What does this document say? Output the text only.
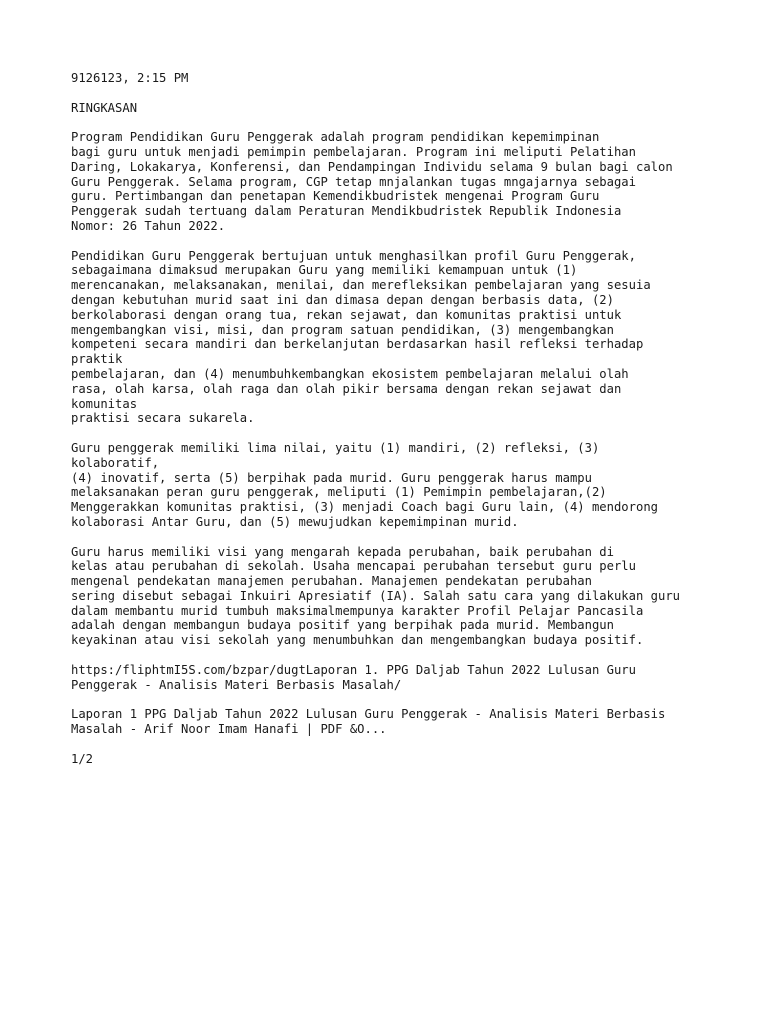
9126123, 2:15 PM
RINGKASAN
Program Pendidikan Guru Penggerak adalah program pendidikan kepemimpinan
bagi guru untuk menjadi pemimpin pembelajaran. Program ini meliputi Pelatihan
Daring, Lokakarya, Konferensi, dan Pendampingan Individu selama 9 bulan bagi calon
Guru Penggerak. Selama program, CGP tetap mnjalankan tugas mngajarnya sebagai
guru. Pertimbangan dan penetapan Kemendikbudristek mengenai Program Guru
Penggerak sudah tertuang dalam Peraturan Mendikbudristek Republik Indonesia
Nomor: 26 Tahun 2022.
Pendidikan Guru Penggerak bertujuan untuk menghasilkan profil Guru Penggerak,
sebagaimana dimaksud merupakan Guru yang memiliki kemampuan untuk (1)
merencanakan, melaksanakan, menilai, dan merefleksikan pembelajaran yang sesuia
dengan kebutuhan murid saat ini dan dimasa depan dengan berbasis data, (2)
berkolaborasi dengan orang tua, rekan sejawat, dan komunitas praktisi untuk
mengembangkan visi, misi, dan program satuan pendidikan, (3) mengembangkan
kompeteni secara mandiri dan berkelanjutan berdasarkan hasil refleksi terhadap
praktik
pembelajaran, dan (4) menumbuhkembangkan ekosistem pembelajaran melalui olah
rasa, olah karsa, olah raga dan olah pikir bersama dengan rekan sejawat dan
komunitas
praktisi secara sukarela.
Guru penggerak memiliki lima nilai, yaitu (1) mandiri, (2) refleksi, (3)
kolaboratif,
(4) inovatif, serta (5) berpihak pada murid. Guru penggerak harus mampu
melaksanakan peran guru penggerak, meliputi (1) Pemimpin pembelajaran,(2)
Menggerakkan komunitas praktisi, (3) menjadi Coach bagi Guru lain, (4) mendorong
kolaborasi Antar Guru, dan (5) mewujudkan kepemimpinan murid.
Guru harus memiliki visi yang mengarah kepada perubahan, baik perubahan di
kelas atau perubahan di sekolah. Usaha mencapai perubahan tersebut guru perlu
mengenal pendekatan manajemen perubahan. Manajemen pendekatan perubahan
sering disebut sebagai Inkuiri Apresiatif (IA). Salah satu cara yang dilakukan guru
dalam membantu murid tumbuh maksimalmempunya karakter Profil Pelajar Pancasila
adalah dengan membangun budaya positif yang berpihak pada murid. Membangun
keyakinan atau visi sekolah yang menumbuhkan dan mengembangkan budaya positif.
https:/fliphtmI5S.com/bzpar/dugtLaporan 1. PPG Daljab Tahun 2022 Lulusan Guru
Penggerak - Analisis Materi Berbasis Masalah/
Laporan 1 PPG Daljab Tahun 2022 Lulusan Guru Penggerak - Analisis Materi Berbasis
Masalah - Arif Noor Imam Hanafi | PDF &O...
1/2
